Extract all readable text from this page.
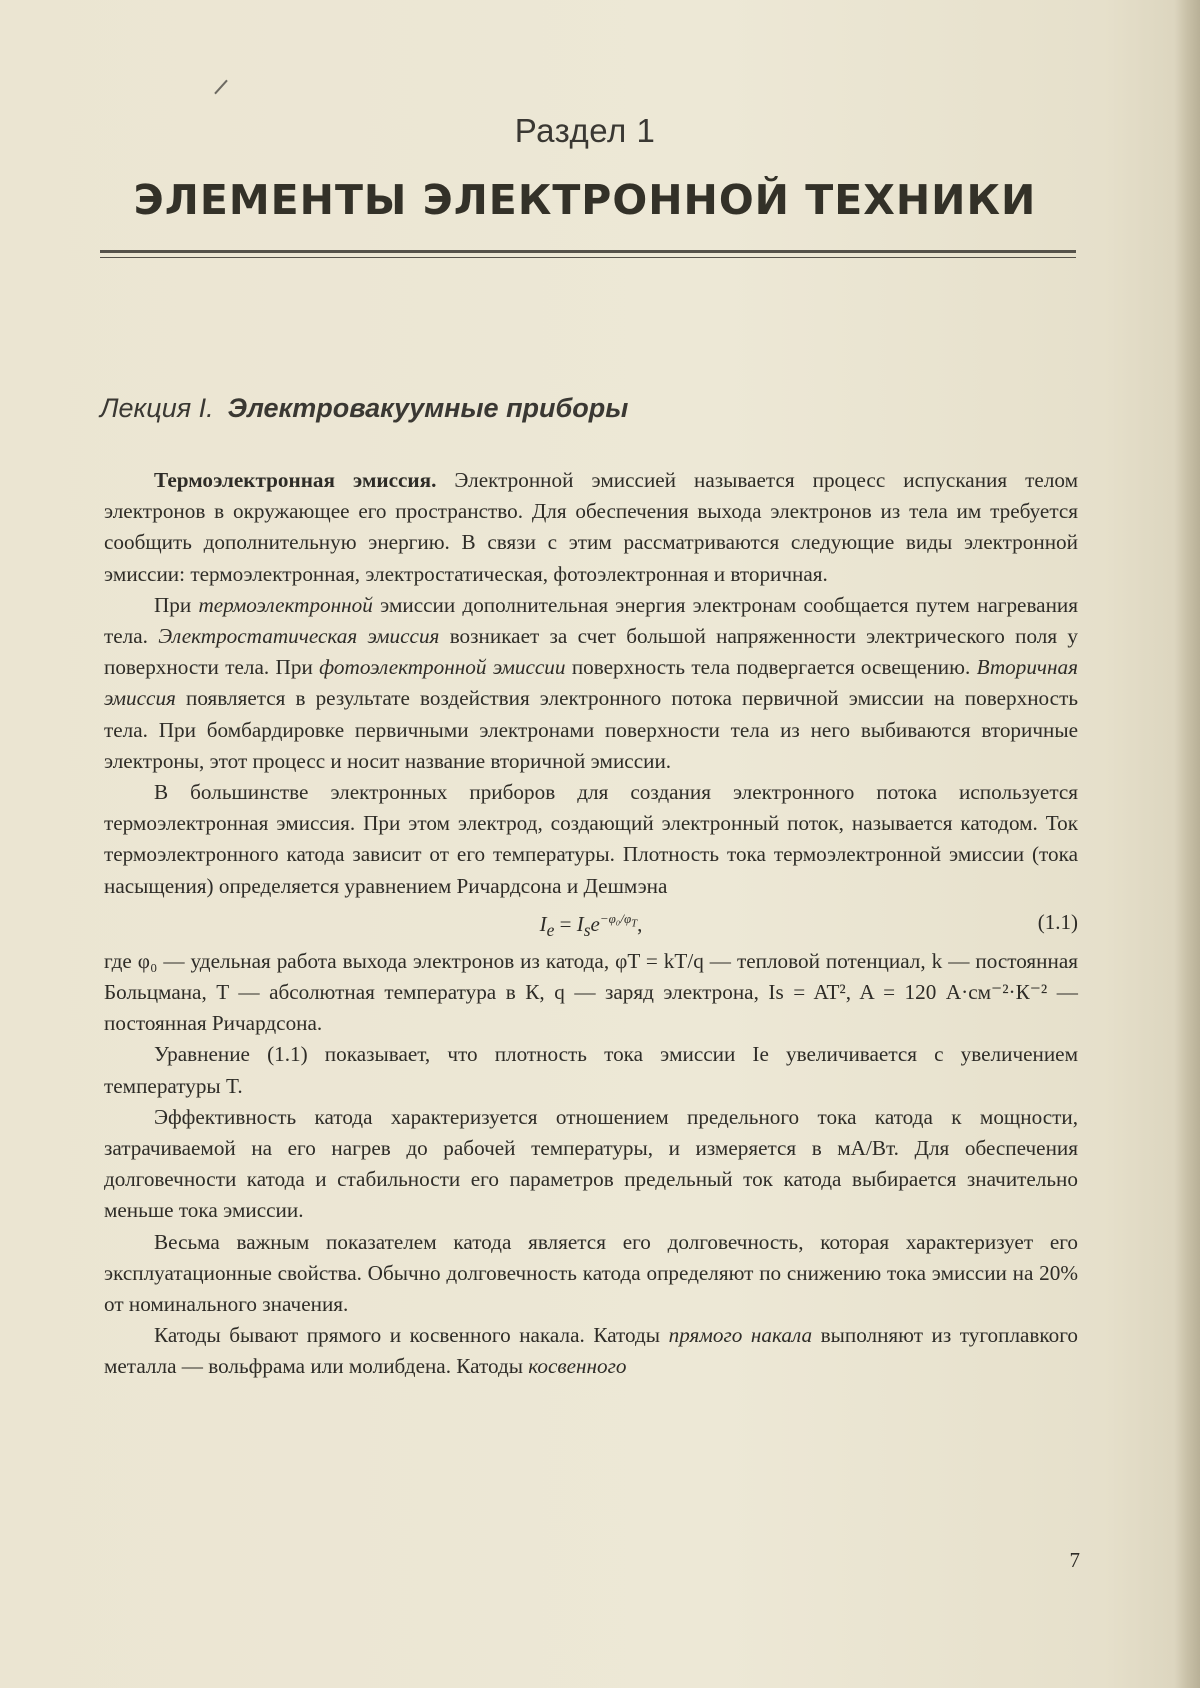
Раздел 1
ЭЛЕМЕНТЫ ЭЛЕКТРОННОЙ ТЕХНИКИ
Лекция I. Электровакуумные приборы

Термоэлектронная эмиссия. Электронной эмиссией называется процесс испускания телом электронов в окружающее его пространство. Для обеспечения выхода электронов из тела им требуется сообщить дополнительную энергию. В связи с этим рассматриваются следующие виды электронной эмиссии: термоэлектронная, электростатическая, фотоэлектронная и вторичная.

При термоэлектронной эмиссии дополнительная энергия электронам сообщается путем нагревания тела. Электростатическая эмиссия возникает за счет большой напряженности электрического поля у поверхности тела. При фотоэлектронной эмиссии поверхность тела подвергается освещению. Вторичная эмиссия появляется в результате воздействия электронного потока первичной эмиссии на поверхность тела. При бомбардировке первичными электронами поверхности тела из него выбиваются вторичные электроны, этот процесс и носит название вторичной эмиссии.

В большинстве электронных приборов для создания электронного потока используется термоэлектронная эмиссия. При этом электрод, создающий электронный поток, называется катодом. Ток термоэлектронного катода зависит от его температуры. Плотность тока термоэлектронной эмиссии (тока насыщения) определяется уравнением Ричардсона и Дешмэна

$I_e = I_se^{-\varphi_0/\varphi_T}$,	(1.1)

где φ₀ — удельная работа выхода электронов из катода, φT = kT/q — тепловой потенциал, k — постоянная Больцмана, T — абсолютная температура в К, q — заряд электрона, Is = AT², A = 120 А·см⁻²·К⁻² — постоянная Ричардсона.

Уравнение (1.1) показывает, что плотность тока эмиссии Ie увеличивается с увеличением температуры T.

Эффективность катода характеризуется отношением предельного тока катода к мощности, затрачиваемой на его нагрев до рабочей температуры, и измеряется в мА/Вт. Для обеспечения долговечности катода и стабильности его параметров предельный ток катода выбирается значительно меньше тока эмиссии.

Весьма важным показателем катода является его долговечность, которая характеризует его эксплуатационные свойства. Обычно долговечность катода определяют по снижению тока эмиссии на 20% от номинального значения.

Катоды бывают прямого и косвенного накала. Катоды прямого накала выполняют из тугоплавкого металла — вольфрама или молибдена. Катоды косвенного

7
